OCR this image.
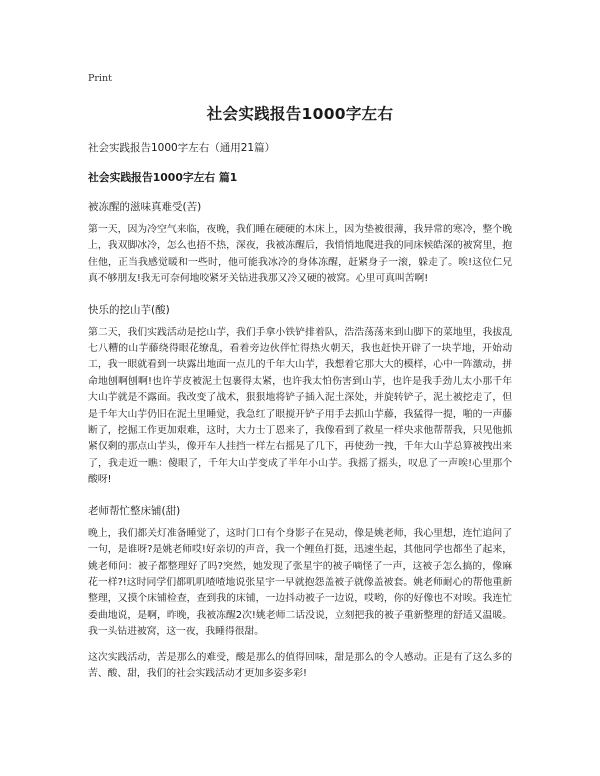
Print
社会实践报告1000字左右
社会实践报告1000字左右（通用21篇）
社会实践报告1000字左右 篇1
被冻醒的滋味真难受(苦)
第一天，因为冷空气来临，夜晚，我们睡在硬硬的木床上，因为垫被很薄，我异常的寒冷，整个晚上，我双脚冰冷，怎么也捂不热，深夜，我被冻醒后，我悄悄地爬进我的同床候皓深的被窝里，抱住他，正当我感觉暖和一些时，他可能我冰冷的身体冻醒，赶紧身子一滚，躲走了。唉!这位仁兄真不够朋友!我无可奈何地咬紧牙关钻进我那又冷又硬的被窝。心里可真叫苦啊!
快乐的挖山芋(酸)
第二天，我们实践活动是挖山芋，我们手拿小铁铲排着队，浩浩荡荡来到山脚下的菜地里，我拔乱七八糟的山芋藤绕得眼花缭乱，看着旁边伙伴忙得热火朝天，我也赶快开辟了一块芋地，开始动工，我一眼就看到一块露出地面一点儿的千年大山芋，我想着它那大大的模样，心中一阵激动，拼命地刨啊刨啊!也许芋皮被泥土包裹得太紧，也许我太怕伤害到山芋，也许是我手劲儿太小那千年大山芋就是不露面。我改变了战术，狠狠地将铲子插入泥土深处，并旋转铲子，泥土被挖走了，但是千年大山芋仍旧在泥土里睡觉，我急红了眼搅开铲子用手去抓山芋藤，我猛得一提，啪的一声藤断了，挖掘工作更加艰难，这时，大力士丁恩来了，我像看到了救星一样央求他帮帮我，只见他抓紧仅剩的那点山芋头，像开车人挂挡一样左右摇晃了几下，再使劲一拽，千年大山芋总算被拽出来了，我走近一瞧：傻眼了，千年大山芋变成了半年小山芋。我摇了摇头，叹息了一声唉!心里那个酸呀!
老师帮忙整床铺(甜)
晚上，我们都关灯准备睡觉了，这时门口有个身影子在晃动，像是姚老师，我心里想，连忙追问了一句，是谁呀?是姚老师哎!好亲切的声音，我一个鲤鱼打挺，迅速坐起，其他同学也都坐了起来，姚老师问：被子都整理好了吗?突然，她发现了张星宇的被子嘀怪了一声，这被子怎么搞的，像麻花一样?!这时同学们都叽叽喳喳地说张星宇一早就抱怨盖被子就像盖被套。姚老师耐心的帮他重新整理，又摸个床铺检查，查到我的床铺，一边抖动被子一边说，哎哟，你的好像也不对唉。我连忙委曲地说，是啊，昨晚，我被冻醒2次!姚老师二话没说，立刻把我的被子重新整理的舒适又温暖。我一头钻进被窝，这一夜，我睡得很甜。
这次实践活动，苦是那么的难受，酸是那么的值得回味，甜是那么的令人感动。正是有了这么多的苦、酸、甜，我们的社会实践活动才更加多姿多彩!
